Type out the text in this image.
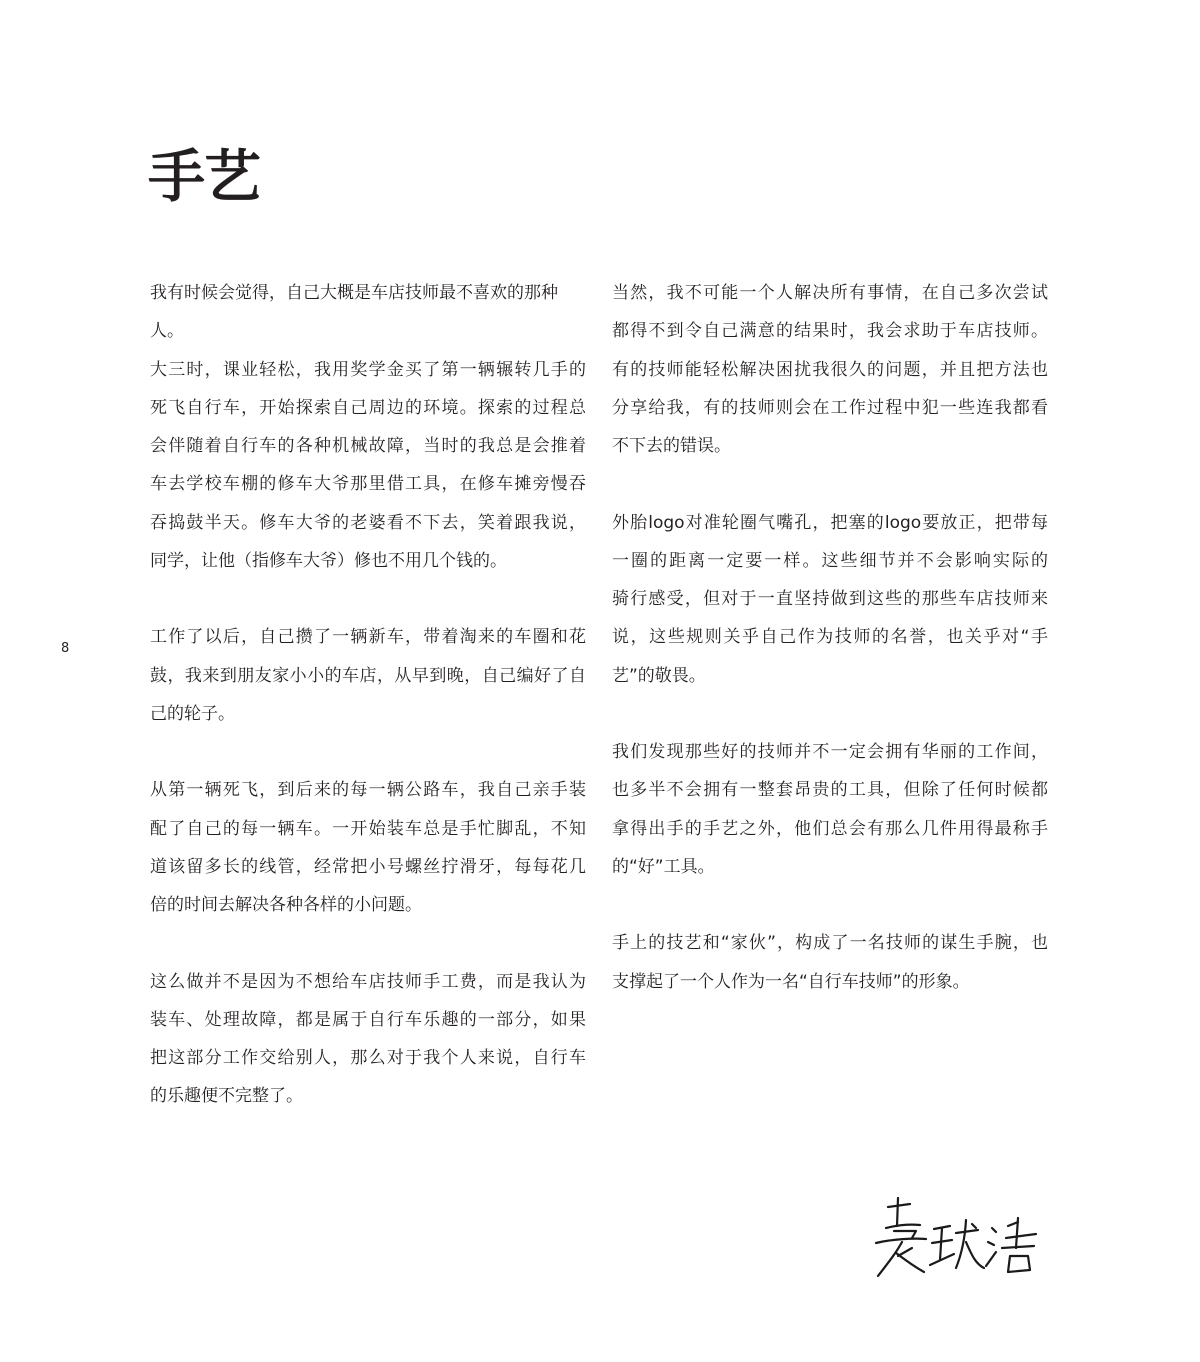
手艺
8
我有时候会觉得，自己大概是车店技师最不喜欢的那种人。
大三时，课业轻松，我用奖学金买了第一辆辗转几手的
死飞自行车，开始探索自己周边的环境。探索的过程总
会伴随着自行车的各种机械故障，当时的我总是会推着
车去学校车棚的修车大爷那里借工具，在修车摊旁慢吞
吞捣鼓半天。修车大爷的老婆看不下去，笑着跟我说，
同学，让他（指修车大爷）修也不用几个钱的。
工作了以后，自己攒了一辆新车，带着淘来的车圈和花
鼓，我来到朋友家小小的车店，从早到晚，自己编好了自
己的轮子。
从第一辆死飞，到后来的每一辆公路车，我自己亲手装
配了自己的每一辆车。一开始装车总是手忙脚乱，不知
道该留多长的线管，经常把小号螺丝拧滑牙，每每花几
倍的时间去解决各种各样的小问题。
这么做并不是因为不想给车店技师手工费，而是我认为
装车、处理故障，都是属于自行车乐趣的一部分，如果
把这部分工作交给别人，那么对于我个人来说，自行车
的乐趣便不完整了。
当然，我不可能一个人解决所有事情，在自己多次尝试
都得不到令自己满意的结果时，我会求助于车店技师。
有的技师能轻松解决困扰我很久的问题，并且把方法也
分享给我，有的技师则会在工作过程中犯一些连我都看
不下去的错误。
外胎logo对准轮圈气嘴孔，把塞的logo要放正，把带每
一圈的距离一定要一样。这些细节并不会影响实际的
骑行感受，但对于一直坚持做到这些的那些车店技师来
说，这些规则关乎自己作为技师的名誉，也关乎对“手
艺”的敬畏。
我们发现那些好的技师并不一定会拥有华丽的工作间，
也多半不会拥有一整套昂贵的工具，但除了任何时候都
拿得出手的手艺之外，他们总会有那么几件用得最称手
的“好”工具。
手上的技艺和“家伙”，构成了一名技师的谋生手腕，也
支撑起了一个人作为一名“自行车技师”的形象。
